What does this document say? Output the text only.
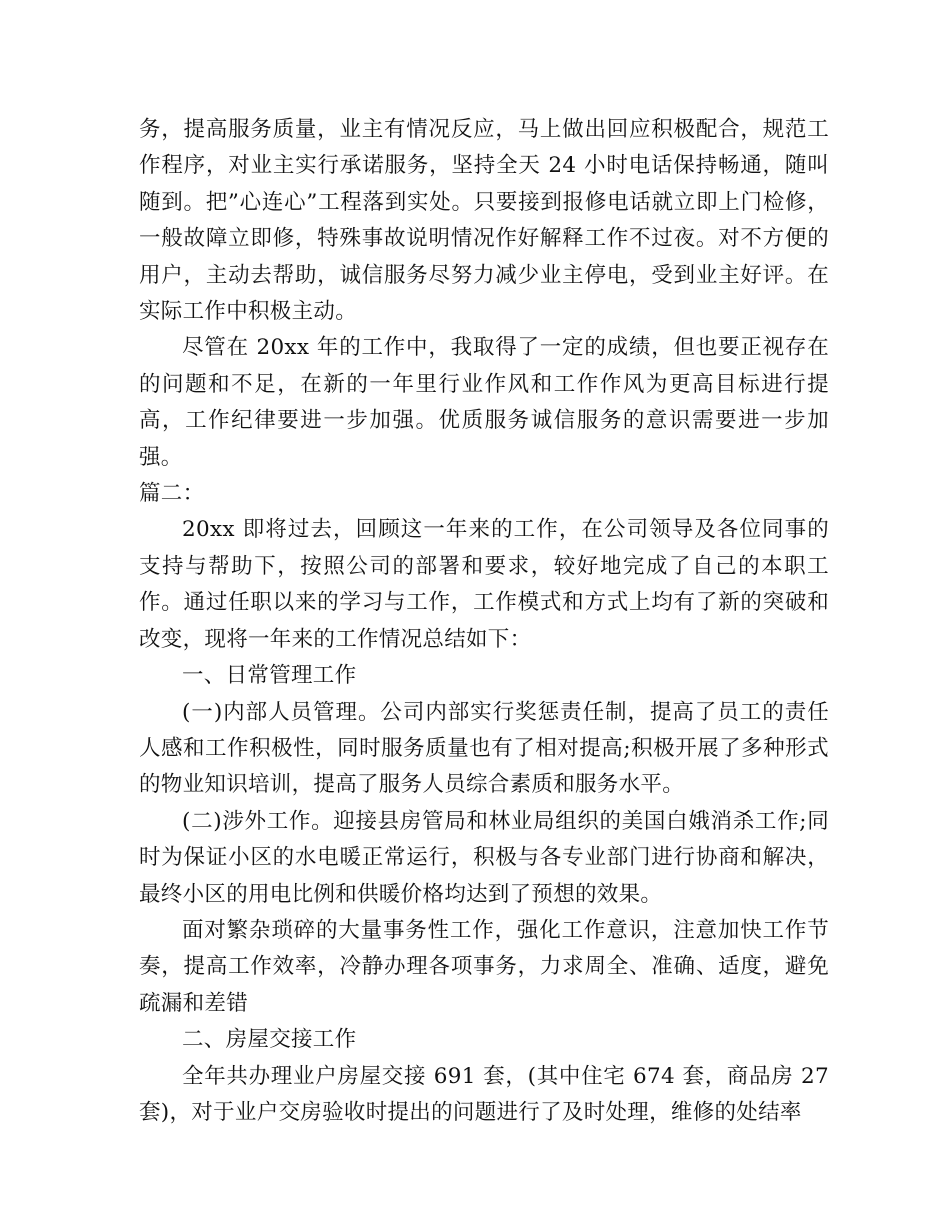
务，提高服务质量，业主有情况反应，马上做出回应积极配合，规范工作程序，对业主实行承诺服务，坚持全天 24 小时电话保持畅通，随叫随到。把”心连心”工程落到实处。只要接到报修电话就立即上门检修，一般故障立即修，特殊事故说明情况作好解释工作不过夜。对不方便的用户，主动去帮助，诚信服务尽努力减少业主停电，受到业主好评。在实际工作中积极主动。

尽管在 20xx 年的工作中，我取得了一定的成绩，但也要正视存在的问题和不足，在新的一年里行业作风和工作作风为更高目标进行提高，工作纪律要进一步加强。优质服务诚信服务的意识需要进一步加强。

篇二：

20xx 即将过去，回顾这一年来的工作，在公司领导及各位同事的支持与帮助下，按照公司的部署和要求，较好地完成了自己的本职工作。通过任职以来的学习与工作，工作模式和方式上均有了新的突破和改变，现将一年来的工作情况总结如下：

一、日常管理工作

(一)内部人员管理。公司内部实行奖惩责任制，提高了员工的责任人感和工作积极性，同时服务质量也有了相对提高;积极开展了多种形式的物业知识培训，提高了服务人员综合素质和服务水平。

(二)涉外工作。迎接县房管局和林业局组织的美国白娥消杀工作;同时为保证小区的水电暖正常运行，积极与各专业部门进行协商和解决，最终小区的用电比例和供暖价格均达到了预想的效果。

面对繁杂琐碎的大量事务性工作，强化工作意识，注意加快工作节奏，提高工作效率，冷静办理各项事务，力求周全、准确、适度，避免疏漏和差错

二、房屋交接工作

全年共办理业户房屋交接 691 套，(其中住宅 674 套，商品房 27 套)，对于业户交房验收时提出的问题进行了及时处理，维修的处结率
